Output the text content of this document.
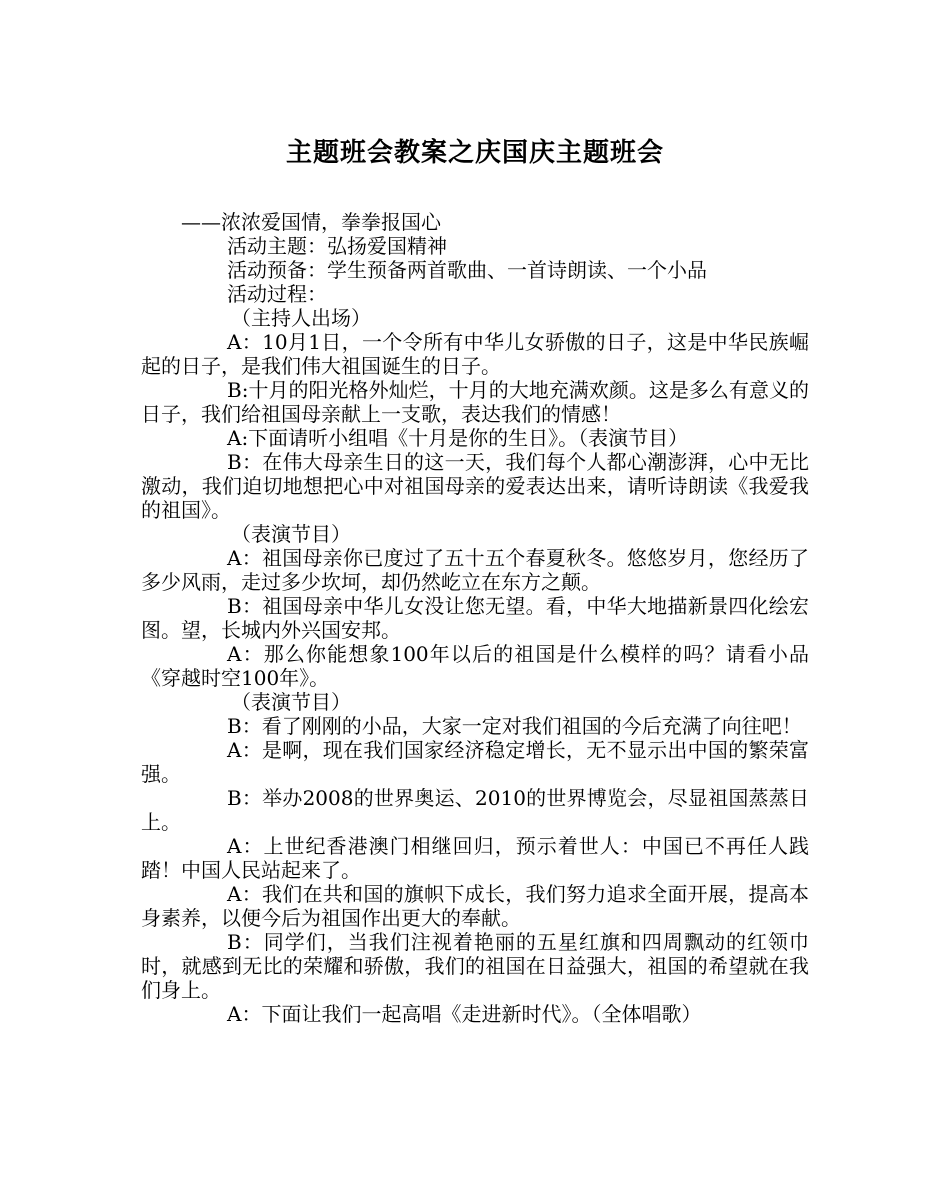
主题班会教案之庆国庆主题班会

——浓浓爱国情，拳拳报国心

活动主题：弘扬爱国精神

活动预备：学生预备两首歌曲、一首诗朗读、一个小品

活动过程：

（主持人出场）

A：10月1日，一个令所有中华儿女骄傲的日子，这是中华民族崛起的日子，是我们伟大祖国诞生的日子。

B:十月的阳光格外灿烂，十月的大地充满欢颜。这是多么有意义的日子，我们给祖国母亲献上一支歌，表达我们的情感！

A:下面请听小组唱《十月是你的生日》。（表演节目）

B：在伟大母亲生日的这一天，我们每个人都心潮澎湃，心中无比激动，我们迫切地想把心中对祖国母亲的爱表达出来，请听诗朗读《我爱我的祖国》。

（表演节目）

A：祖国母亲你已度过了五十五个春夏秋冬。悠悠岁月，您经历了多少风雨，走过多少坎坷，却仍然屹立在东方之颠。

B：祖国母亲中华儿女没让您无望。看，中华大地描新景四化绘宏图。望，长城内外兴国安邦。

A：那么你能想象100年以后的祖国是什么模样的吗？请看小品《穿越时空100年》。

（表演节目）

B：看了刚刚的小品，大家一定对我们祖国的今后充满了向往吧！

A：是啊，现在我们国家经济稳定增长，无不显示出中国的繁荣富强。

B：举办2008的世界奥运、2010的世界博览会，尽显祖国蒸蒸日上。

A：上世纪香港澳门相继回归，预示着世人：中国已不再任人践踏！中国人民站起来了。

A：我们在共和国的旗帜下成长，我们努力追求全面开展，提高本身素养，以便今后为祖国作出更大的奉献。

B：同学们，当我们注视着艳丽的五星红旗和四周飘动的红领巾时，就感到无比的荣耀和骄傲，我们的祖国在日益强大，祖国的希望就在我们身上。

A：下面让我们一起高唱《走进新时代》。（全体唱歌）
